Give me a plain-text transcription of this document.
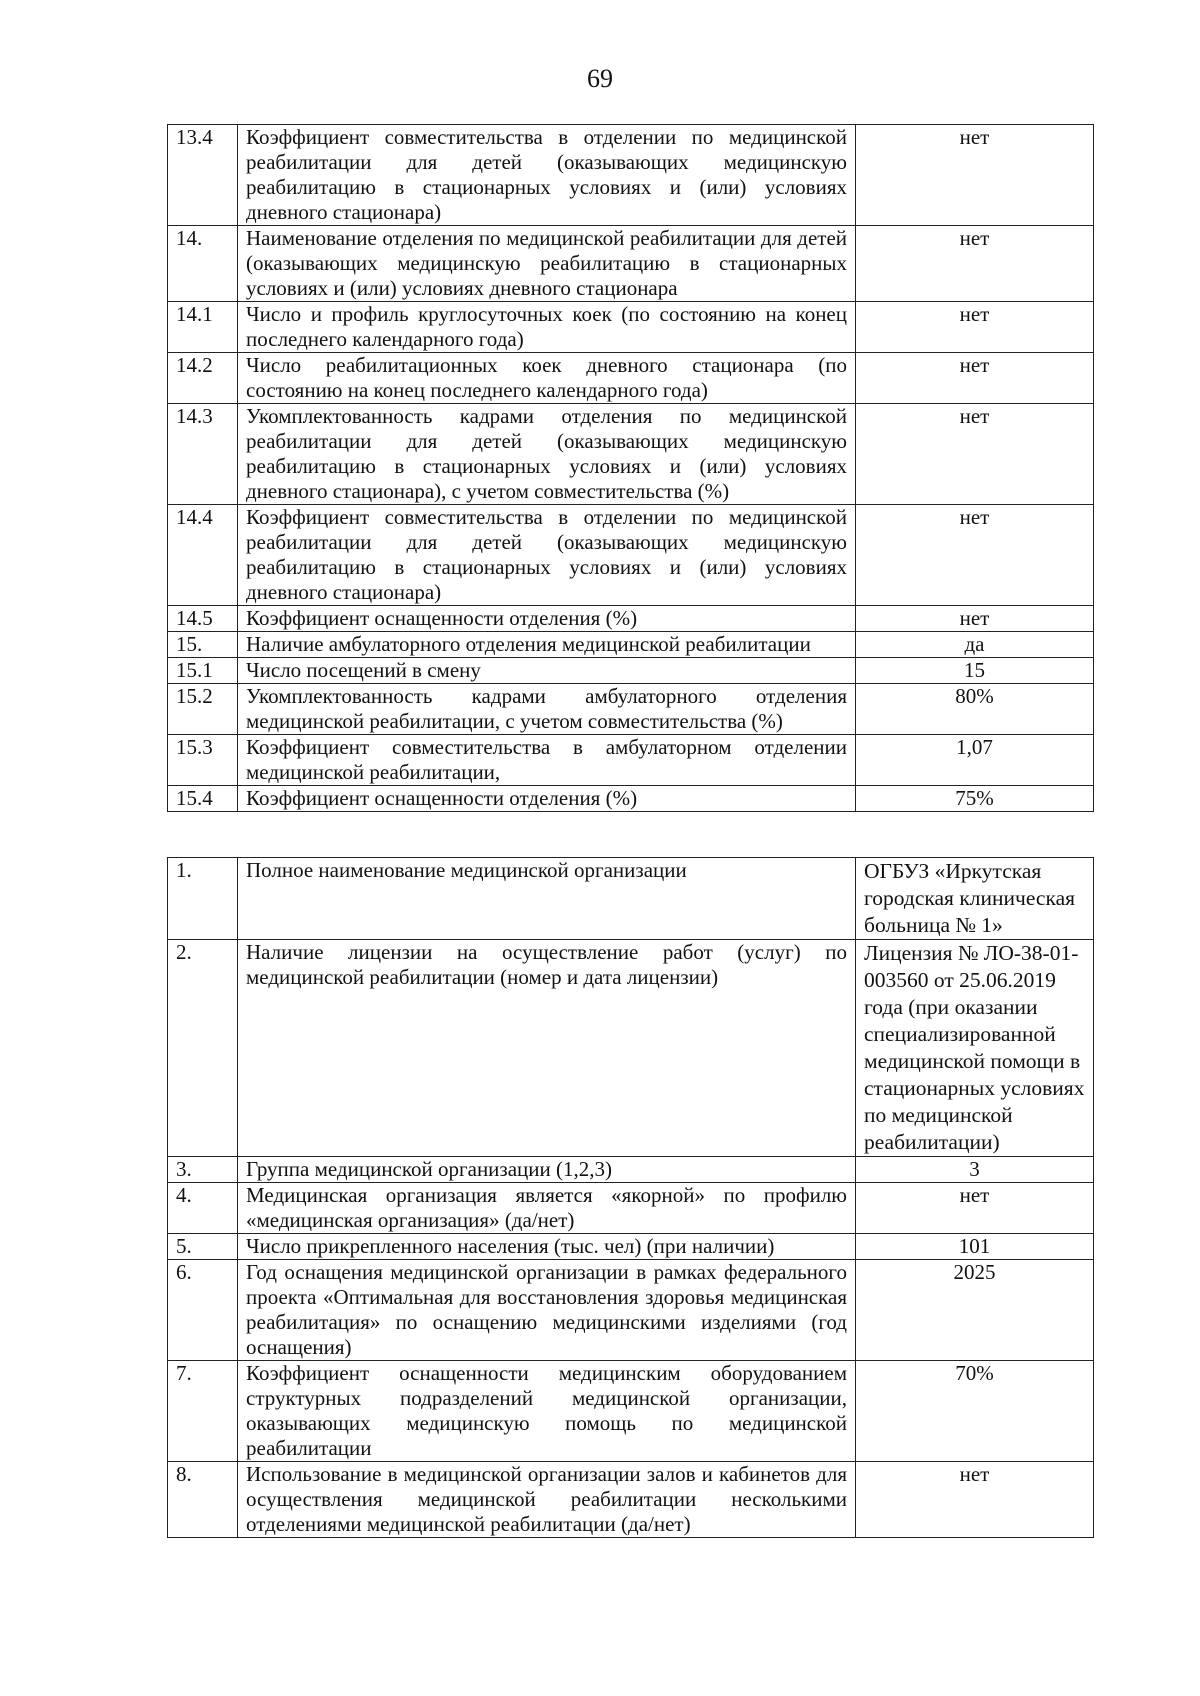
69
13.4	Коэффициент совместительства в отделении по медицинской реабилитации для детей (оказывающих медицинскую реабилитацию в стационарных условиях и (или) условиях дневного стационара)	нет
14.	Наименование отделения по медицинской реабилитации для детей (оказывающих медицинскую реабилитацию в стационарных условиях и (или) условиях дневного стационара	нет
14.1	Число и профиль круглосуточных коек (по состоянию на конец последнего календарного года)	нет
14.2	Число реабилитационных коек дневного стационара (по состоянию на конец последнего календарного года)	нет
14.3	Укомплектованность кадрами отделения по медицинской реабилитации для детей (оказывающих медицинскую реабилитацию в стационарных условиях и (или) условиях дневного стационара), с учетом совместительства (%)	нет
14.4	Коэффициент совместительства в отделении по медицинской реабилитации для детей (оказывающих медицинскую реабилитацию в стационарных условиях и (или) условиях дневного стационара)	нет
14.5	Коэффициент оснащенности отделения (%)	нет
15.	Наличие амбулаторного отделения медицинской реабилитации	да
15.1	Число посещений в смену	15
15.2	Укомплектованность кадрами амбулаторного отделения медицинской реабилитации, с учетом совместительства (%)	80%
15.3	Коэффициент совместительства в амбулаторном отделении медицинской реабилитации,	1,07
15.4	Коэффициент оснащенности отделения (%)	75%
1.	Полное наименование медицинской организации	ОГБУЗ «Иркутская городская клиническая больница № 1»
2.	Наличие лицензии на осуществление работ (услуг) по медицинской реабилитации (номер и дата лицензии)	Лицензия № ЛО-38-01-003560 от 25.06.2019 года (при оказании специализированной медицинской помощи в стационарных условиях по медицинской реабилитации)
3.	Группа медицинской организации (1,2,3)	3
4.	Медицинская организация является «якорной» по профилю «медицинская организация» (да/нет)	нет
5.	Число прикрепленного населения (тыс. чел) (при наличии)	101
6.	Год оснащения медицинской организации в рамках федерального проекта «Оптимальная для восстановления здоровья медицинская реабилитация» по оснащению медицинскими изделиями (год оснащения)	2025
7.	Коэффициент оснащенности медицинским оборудованием структурных подразделений медицинской организации, оказывающих медицинскую помощь по медицинской реабилитации	70%
8.	Использование в медицинской организации залов и кабинетов для осуществления медицинской реабилитации несколькими отделениями медицинской реабилитации (да/нет)	нет
